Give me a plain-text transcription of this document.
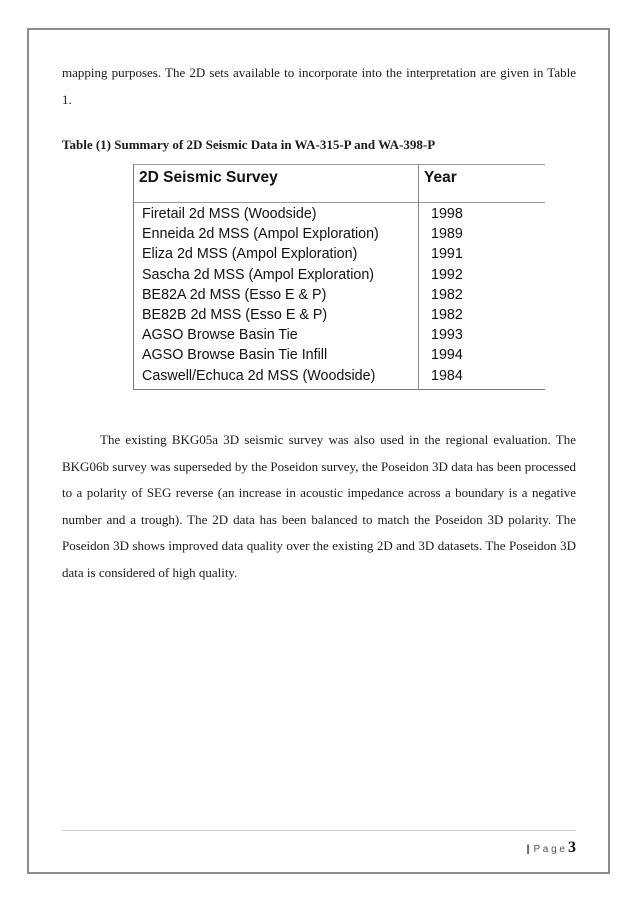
mapping purposes. The 2D sets available to incorporate into the interpretation are given in Table 1.

Table (1) Summary of 2D Seismic Data in WA-315-P and WA-398-P

2D Seismic Survey	Year
Firetail 2d MSS (Woodside)	1998
Enneida 2d MSS (Ampol Exploration)	1989
Eliza 2d MSS (Ampol Exploration)	1991
Sascha 2d MSS (Ampol Exploration)	1992
BE82A 2d MSS (Esso E & P)	1982
BE82B 2d MSS (Esso E & P)	1982
AGSO Browse Basin Tie	1993
AGSO Browse Basin Tie Infill	1994
Caswell/Echuca 2d MSS (Woodside)	1984

The existing BKG05a 3D seismic survey was also used in the regional evaluation. The BKG06b survey was superseded by the Poseidon survey, the Poseidon 3D data has been processed to a polarity of SEG reverse (an increase in acoustic impedance across a boundary is a negative number and a trough). The 2D data has been balanced to match the Poseidon 3D polarity. The Poseidon 3D shows improved data quality over the existing 2D and 3D datasets. The Poseidon 3D data is considered of high quality.

| P a g e 3
